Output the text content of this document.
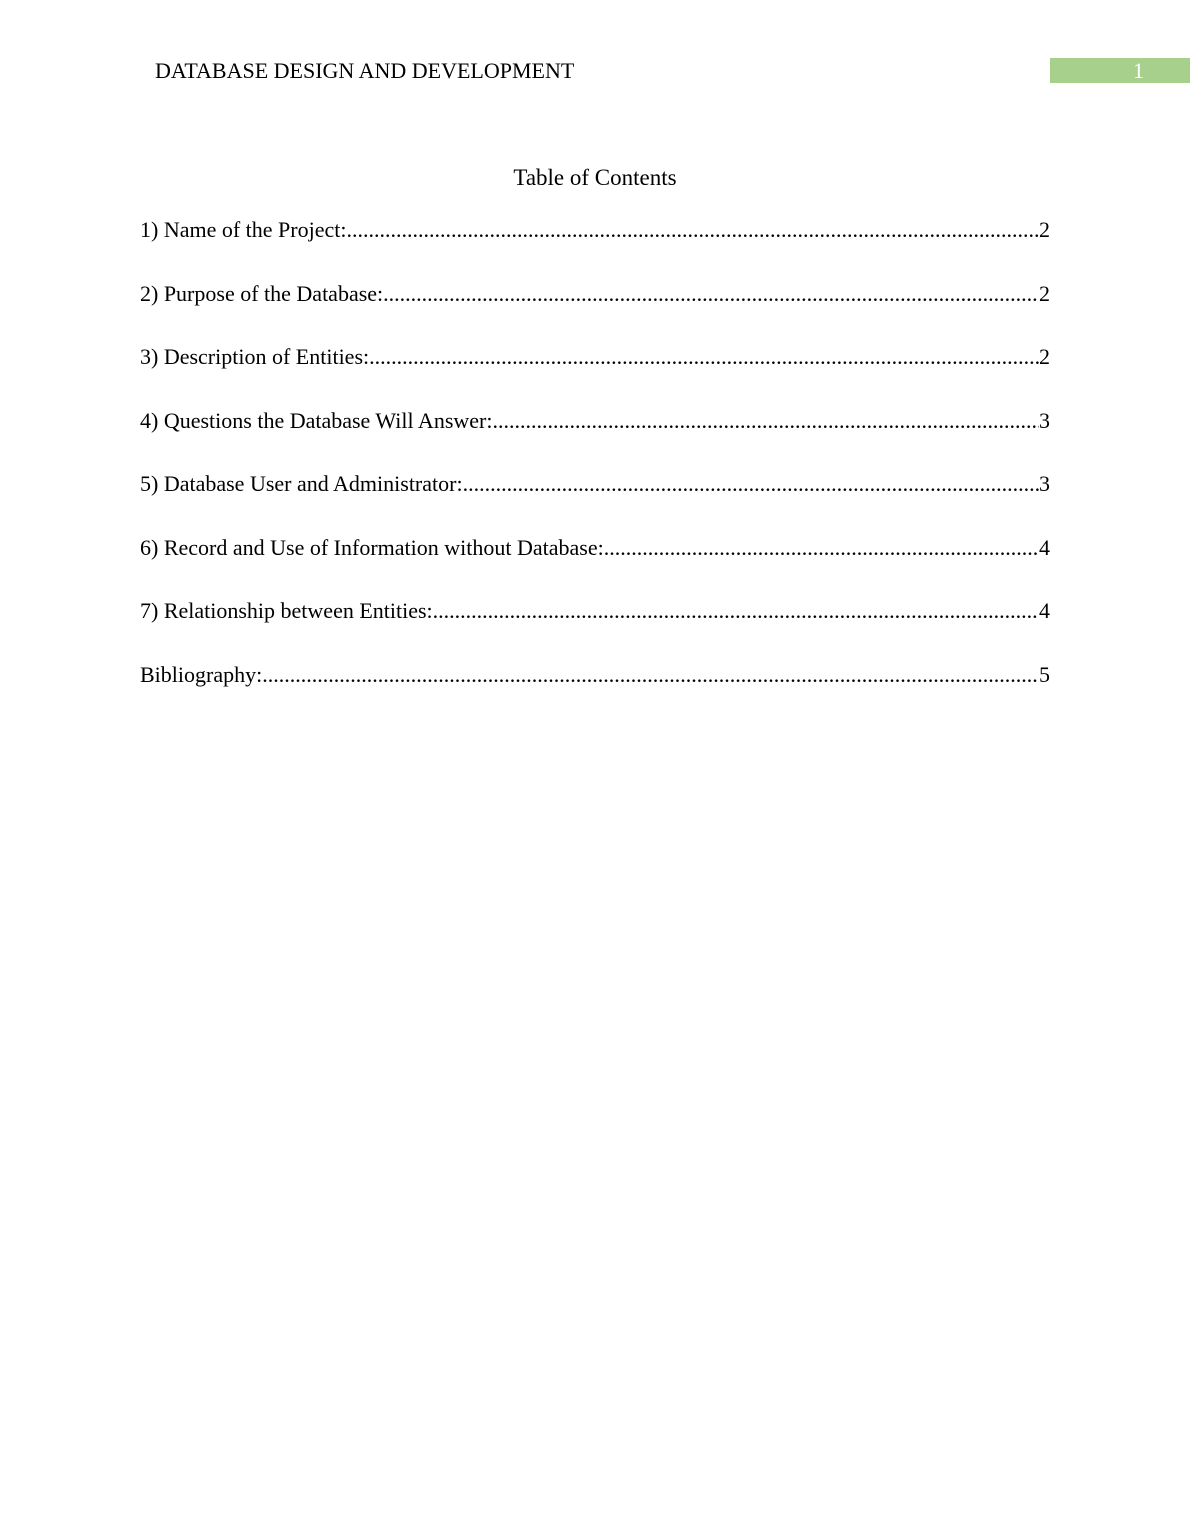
DATABASE DESIGN AND DEVELOPMENT	1
Table of Contents
1) Name of the Project: .....	2
2) Purpose of the Database: .....	2
3) Description of Entities: .....	2
4) Questions the Database Will Answer: .....	3
5) Database User and Administrator: .....	3
6) Record and Use of Information without Database: .....	4
7) Relationship between Entities: .....	4
Bibliography: .....	5
